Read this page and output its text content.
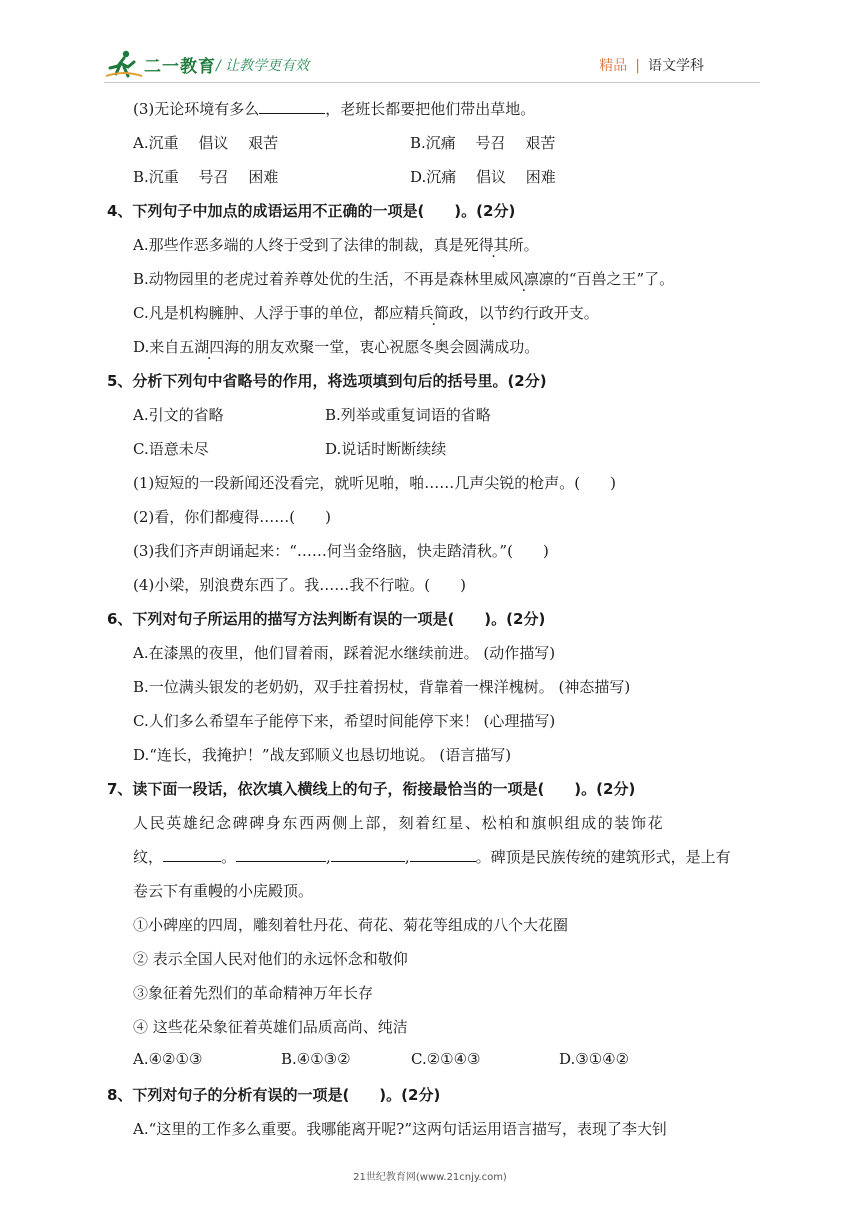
二一教育 / 让教学更有效	精品 | 语文学科
(3)无论环境有多么	，老班长都要把他们带出草地。
A.沉重　 倡议　 艰苦	B.沉痛　 号召　 艰苦
B.沉重　 号召　 困难	D.沉痛　 倡议　 困难
4、下列句子中加点的成语运用不正确的一项是(　　)。(2分)
A.那些作恶多端的人终于受到了法律的制裁，真是死得其所。
B.动物园里的老虎过着养尊处优的生活，不再是森林里威风凛凛的“百兽之王”了。
C.凡是机构臃肿、人浮于事的单位，都应精兵简政，以节约行政开支。
D.来自五湖四海的朋友欢聚一堂，衷心祝愿冬奥会圆满成功。
5、分析下列句中省略号的作用，将选项填到句后的括号里。(2分)
A.引文的省略	B.列举或重复词语的省略
C.语意未尽	D.说话时断断续续
(1)短短的一段新闻还没看完，就听见啪，啪……几声尖锐的枪声。(　　)
(2)看，你们都瘦得……(　　)
(3)我们齐声朗诵起来：“……何当金络脑，快走踏清秋。”(　　)
(4)小梁，别浪费东西了。我……我不行啦。(　　)
6、下列对句子所运用的描写方法判断有误的一项是(　　)。(2分)
A.在漆黑的夜里，他们冒着雨，踩着泥水继续前进。 (动作描写)
B.一位满头银发的老奶奶，双手拄着拐杖，背靠着一棵洋槐树。 (神态描写)
C.人们多么希望车子能停下来，希望时间能停下来！ (心理描写)
D.“连长，我掩护！”战友郅顺义也恳切地说。 (语言描写)
7、读下面一段话，依次填入横线上的句子，衔接最恰当的一项是(　　)。(2分)
人民英雄纪念碑碑身东西两侧上部，刻着红星、松柏和旗帜组成的装饰花
纹，	。	,	,	。碑顶是民族传统的建筑形式，是上有
卷云下有重幔的小庑殿顶。
①小碑座的四周，雕刻着牡丹花、荷花、菊花等组成的八个大花圈
② 表示全国人民对他们的永远怀念和敬仰
③象征着先烈们的革命精神万年长存
④ 这些花朵象征着英雄们品质高尚、纯洁
A.④②①③	B.④①③②	C.②①④③	D.③①④②
8、下列对句子的分析有误的一项是(　　)。(2分)
A.“这里的工作多么重要。我哪能离开呢?”这两句话运用语言描写，表现了李大钊
21世纪教育网(www.21cnjy.com)
